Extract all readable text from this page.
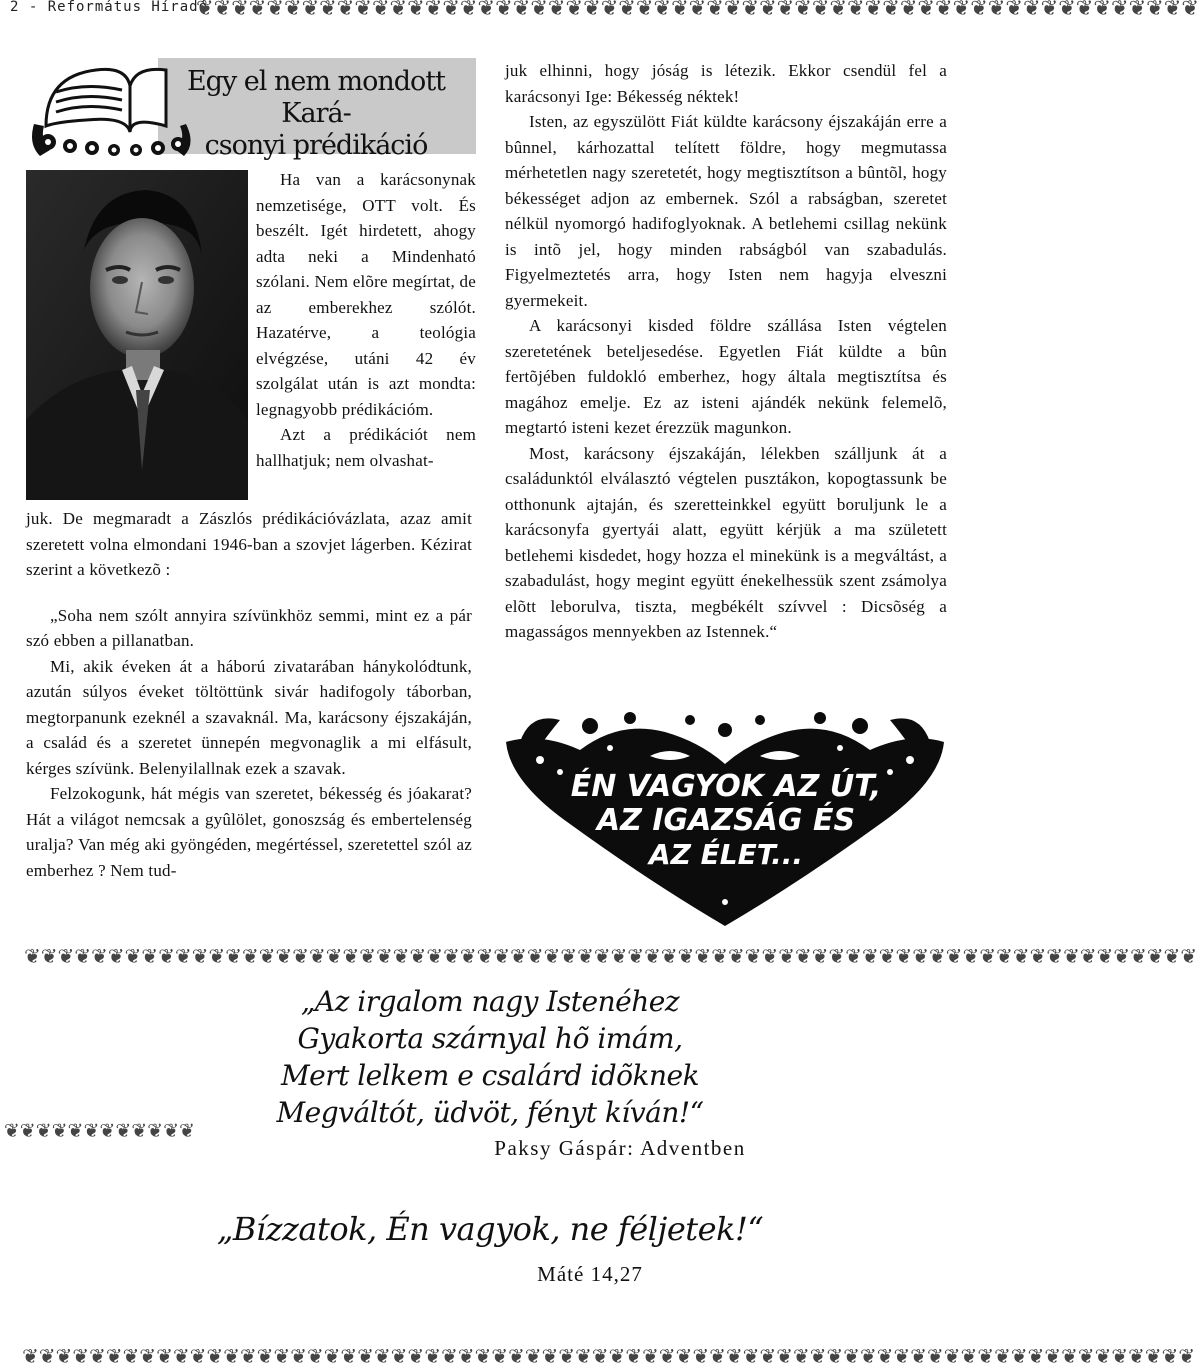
2 - Református Híradó -
❦❦❦❦❦❦❦❦❦❦❦❦❦❦❦❦❦❦❦❦❦❦❦❦❦❦❦❦❦❦❦❦❦❦❦❦❦❦❦❦❦❦❦❦❦❦❦❦❦❦❦❦❦❦❦❦❦
Egy el nem mondott Kará-
csonyi prédikáció

Ha van a karácsonynak nemzetisége, OTT volt. És beszélt. Igét hirdetett, ahogy adta neki a Mindenható szólani. Nem elõre megírtat, de az emberekhez szólót. Hazatérve, a teológia elvégzése, utáni 42 év szolgálat után is azt mondta: legnagyobb prédikációm.

Azt a prédikációt nem hallhatjuk; nem olvashat-

juk. De megmaradt a Zászlós prédikációvázlata, azaz amit szeretett volna elmondani 1946-ban a szovjet lágerben. Kézirat szerint a következõ :

„Soha nem szólt annyira szívünkhöz semmi, mint ez a pár szó ebben a pillanatban.

Mi, akik éveken át a háború zivatarában hánykolódtunk, azután súlyos éveket töltöttünk sivár hadifogoly táborban, megtorpanunk ezeknél a szavaknál. Ma, karácsony éjszakáján, a család és a szeretet ünnepén megvonaglik a mi elfásult, kérges szívünk. Belenyilallnak ezek a szavak.

Felzokogunk, hát mégis van szeretet, békesség és jóakarat? Hát a világot nemcsak a gyûlölet, gonoszság és embertelenség uralja? Van még aki gyöngéden, megértéssel, szeretettel szól az emberhez ? Nem tud-

juk elhinni, hogy jóság is létezik. Ekkor csendül fel a karácsonyi Ige: Békesség néktek!

Isten, az egyszülött Fiát küldte karácsony éjszakáján erre a bûnnel, kárhozattal telített földre, hogy megmutassa mérhetetlen nagy szeretetét, hogy megtisztítson a bûntõl, hogy békességet adjon az embernek. Szól a rabságban, szeretet nélkül nyomorgó hadifoglyoknak. A betlehemi csillag nekünk is intõ jel, hogy minden rabságból van szabadulás. Figyelmeztetés arra, hogy Isten nem hagyja elveszni gyermekeit.

A karácsonyi kisded földre szállása Isten végtelen szeretetének beteljesedése. Egyetlen Fiát küldte a bûn fertõjében fuldokló emberhez, hogy általa megtisztítsa és magához emelje. Ez az isteni ajándék nekünk felemelõ, megtartó isteni kezet érezzük magunkon.

Most, karácsony éjszakáján, lélekben szálljunk át a családunktól elválasztó végtelen pusztákon, kopogtassunk be otthonunk ajtaján, és szeretteinkkel együtt boruljunk le a karácsonyfa gyertyái alatt, együtt kérjük a ma született betlehemi kisdedet, hogy hozza el minekünk is a megváltást, a szabadulást, hogy megint együtt énekelhessük szent zsámolya elõtt leborulva, tiszta, megbékélt szívvel : Dicsõség a magasságos mennyekben az Istennek.“

ÉN VAGYOK AZ ÚT,
AZ IGAZSÁG ÉS
AZ ÉLET...
❦❦❦❦❦❦❦❦❦❦❦❦❦❦❦❦❦❦❦❦❦❦❦❦❦❦❦❦❦❦❦❦❦❦❦❦❦❦❦❦❦❦❦❦❦❦❦❦❦❦❦❦❦❦❦❦❦❦❦❦❦❦❦❦❦❦❦❦❦❦
❦❦❦❦❦❦❦❦❦❦❦❦
❦❦❦❦❦❦❦❦❦❦❦❦❦❦❦❦❦❦❦❦❦❦❦❦❦❦❦❦❦❦❦❦❦❦❦❦❦❦❦❦❦❦❦❦❦❦❦❦❦❦❦❦❦❦❦❦❦❦❦❦❦❦❦❦❦❦❦❦❦❦
„Az irgalom nagy Istenéhez
Gyakorta szárnyal hõ imám,
Mert lelkem e csalárd idõknek
Megváltót, üdvöt, fényt kíván!“
Paksy Gáspár: Adventben
„Bízzatok, Én vagyok, ne féljetek!“
Máté 14,27
